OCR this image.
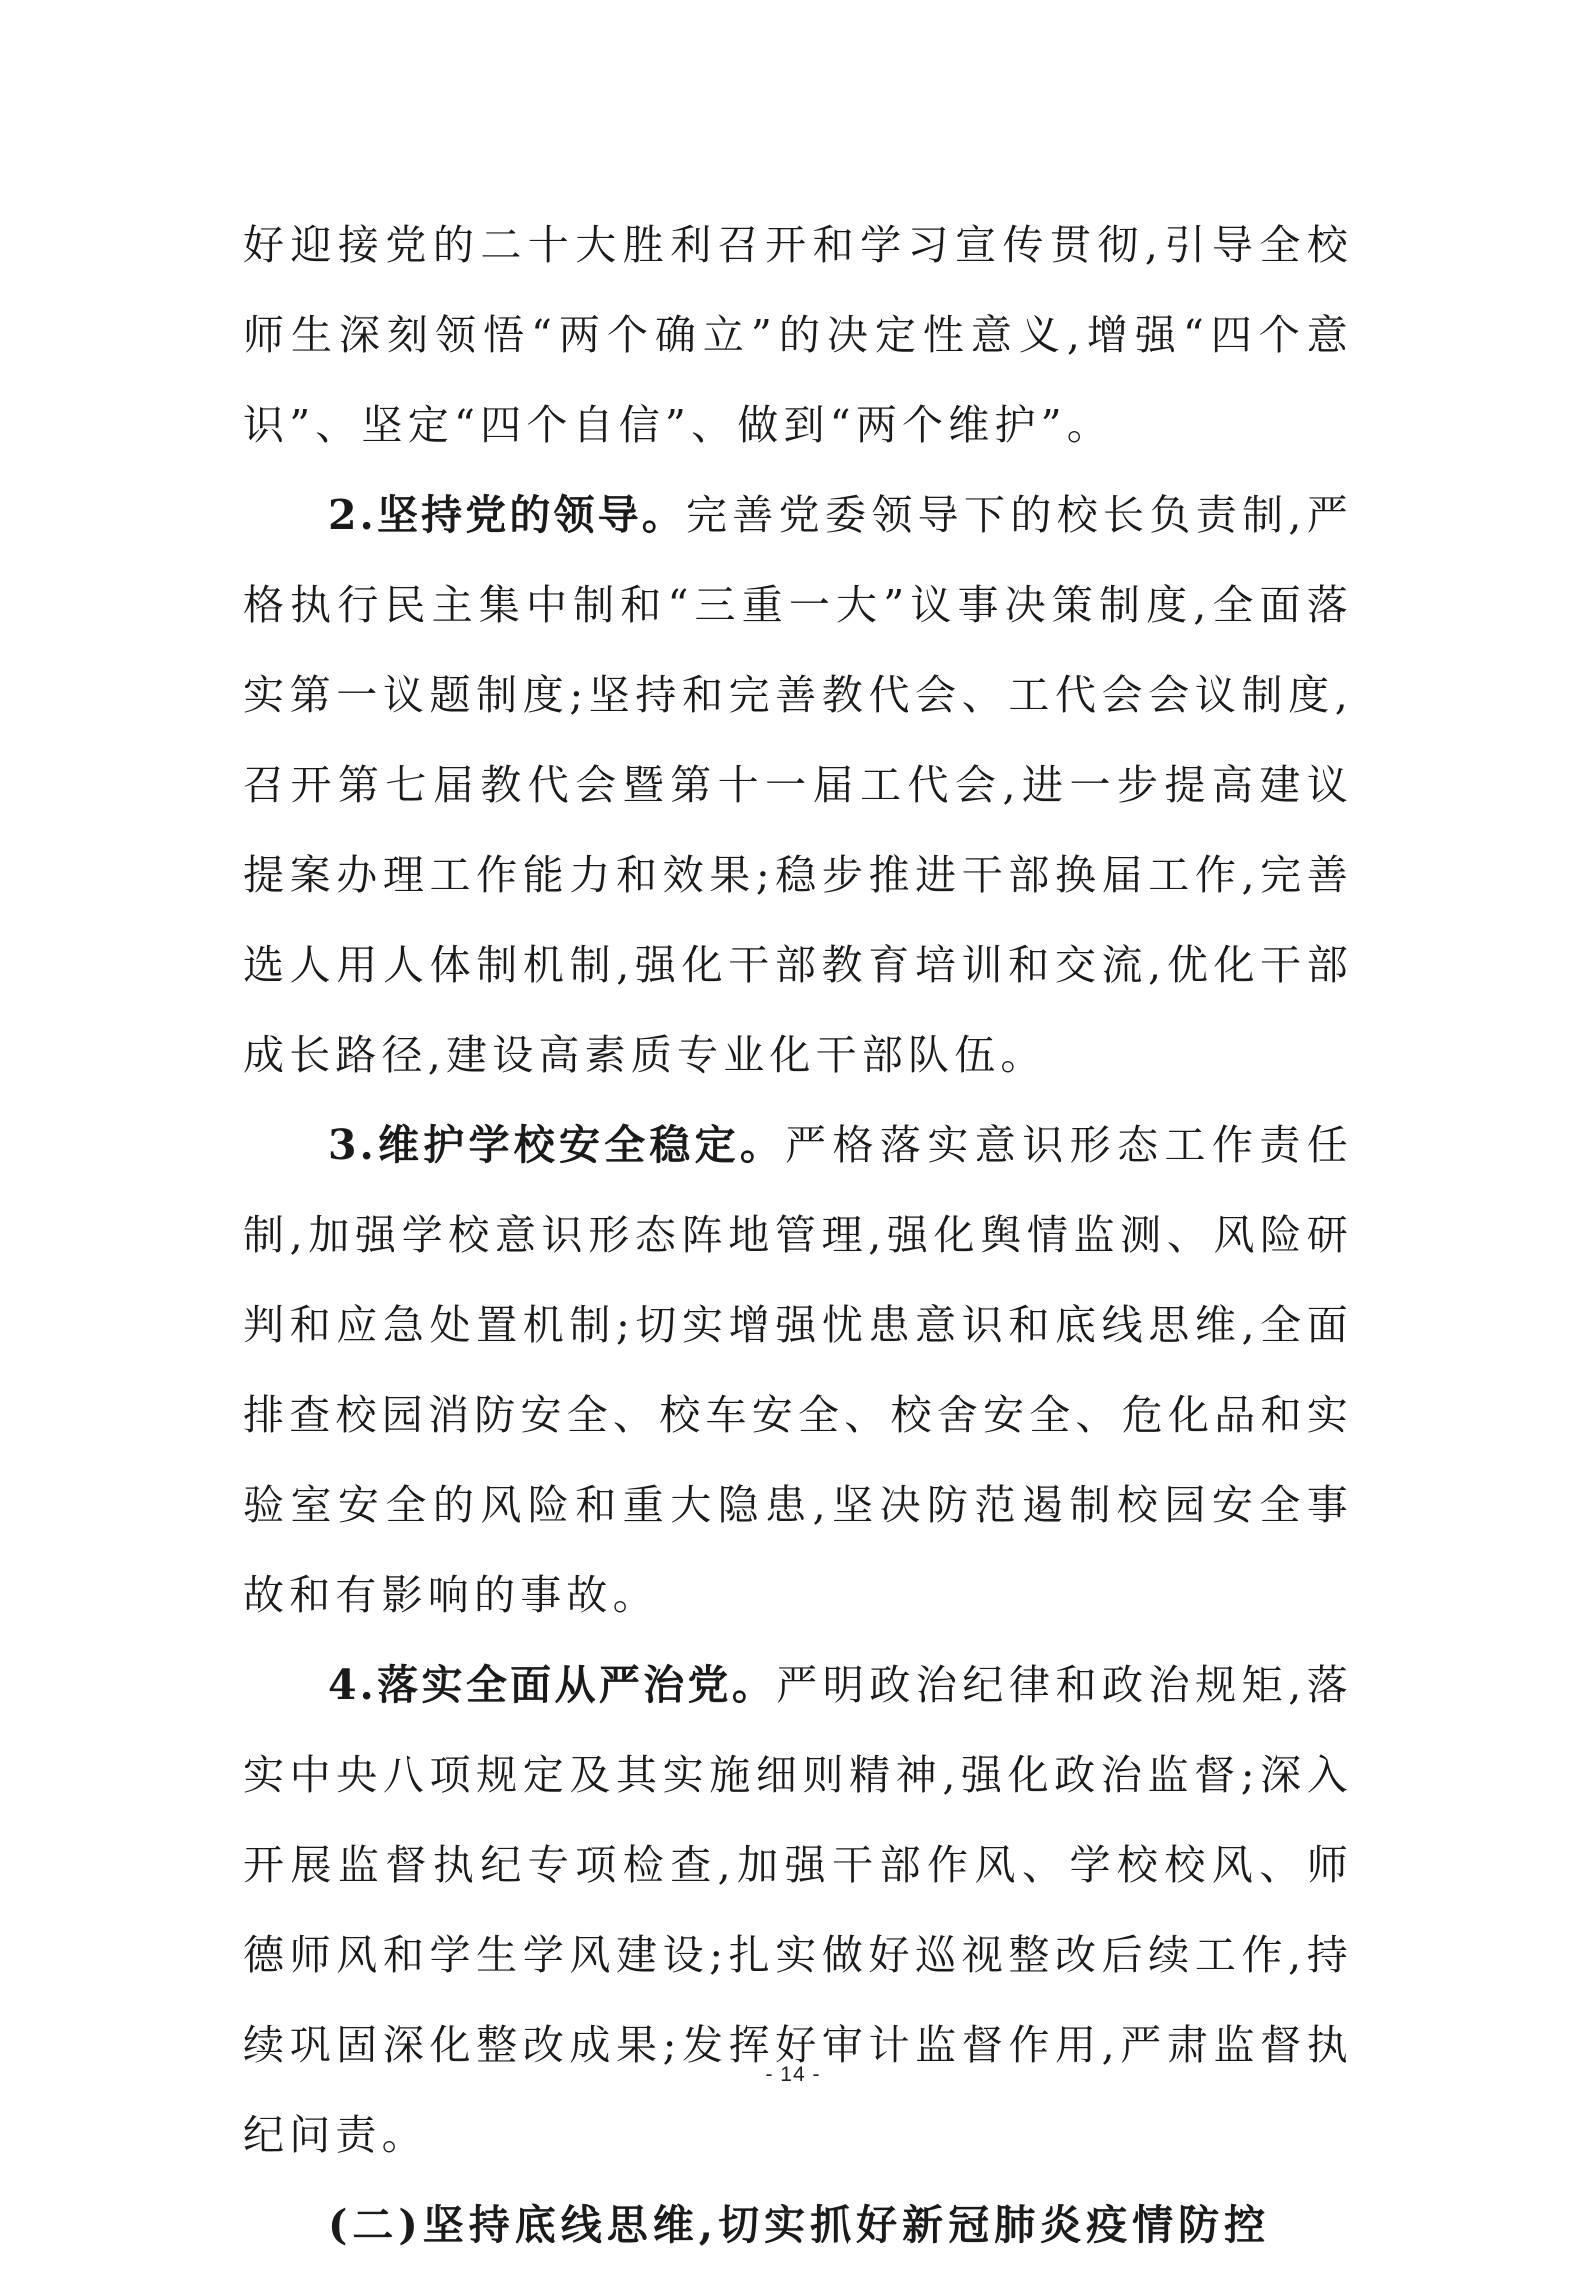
好迎接党的二十大胜利召开和学习宣传贯彻,引导全校师生深刻领悟“两个确立”的决定性意义,增强“四个意识”、坚定“四个自信”、做到“两个维护”。

2.坚持党的领导。完善党委领导下的校长负责制,严格执行民主集中制和“三重一大”议事决策制度,全面落实第一议题制度;坚持和完善教代会、工代会会议制度,召开第七届教代会暨第十一届工代会,进一步提高建议提案办理工作能力和效果;稳步推进干部换届工作,完善选人用人体制机制,强化干部教育培训和交流,优化干部成长路径,建设高素质专业化干部队伍。

3.维护学校安全稳定。严格落实意识形态工作责任制,加强学校意识形态阵地管理,强化舆情监测、风险研判和应急处置机制;切实增强忧患意识和底线思维,全面排查校园消防安全、校车安全、校舍安全、危化品和实验室安全的风险和重大隐患,坚决防范遏制校园安全事故和有影响的事故。

4.落实全面从严治党。严明政治纪律和政治规矩,落实中央八项规定及其实施细则精神,强化政治监督;深入开展监督执纪专项检查,加强干部作风、学校校风、师德师风和学生学风建设;扎实做好巡视整改后续工作,持续巩固深化整改成果;发挥好审计监督作用,严肃监督执纪问责。

(二)坚持底线思维,切实抓好新冠肺炎疫情防控

- 14 -
